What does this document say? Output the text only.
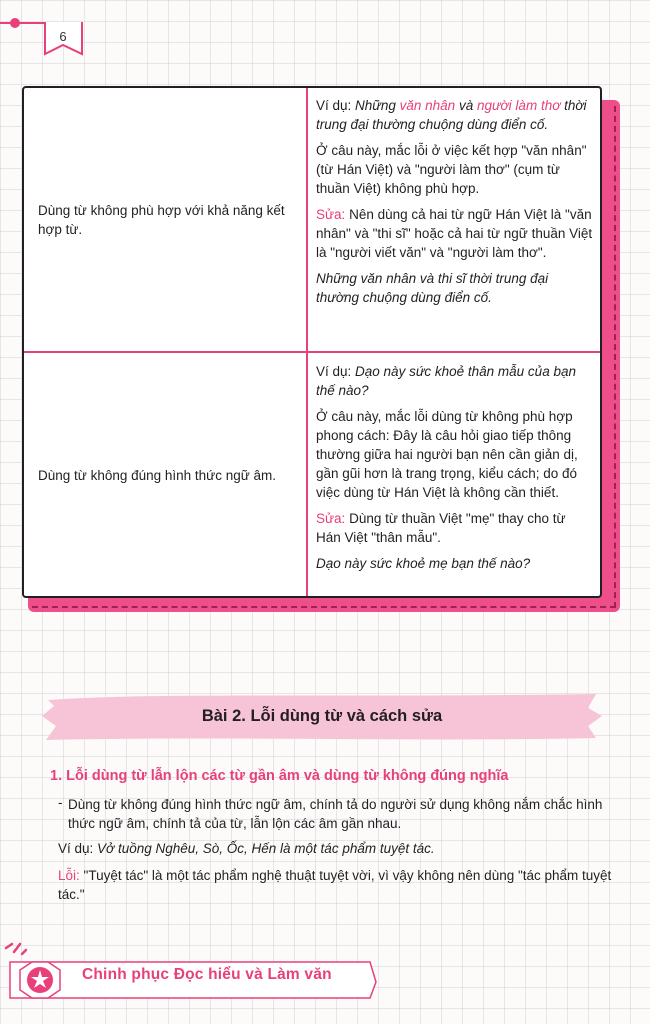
6
Dùng từ không phù hợp với khả năng kết hợp từ.

Ví dụ: Những văn nhân và người làm thơ thời trung đại thường chuộng dùng điển cố.

Ở câu này, mắc lỗi ở việc kết hợp "văn nhân" (từ Hán Việt) và "người làm thơ" (cụm từ thuần Việt) không phù hợp.

Sửa: Nên dùng cả hai từ ngữ Hán Việt là "văn nhân" và "thi sĩ" hoặc cả hai từ ngữ thuần Việt là "người viết văn" và "người làm thơ".

Những văn nhân và thi sĩ thời trung đại thường chuộng dùng điển cố.

Dùng từ không đúng hình thức ngữ âm.

Ví dụ: Dạo này sức khoẻ thân mẫu của bạn thế nào?

Ở câu này, mắc lỗi dùng từ không phù hợp phong cách: Đây là câu hỏi giao tiếp thông thường giữa hai người bạn nên cần giản dị, gần gũi hơn là trang trọng, kiểu cách; do đó việc dùng từ Hán Việt là không cần thiết.

Sửa: Dùng từ thuần Việt "mẹ" thay cho từ Hán Việt "thân mẫu".

Dạo này sức khoẻ mẹ bạn thế nào?

Bài 2. Lỗi dùng từ và cách sửa
1. Lỗi dùng từ lẫn lộn các từ gần âm và dùng từ không đúng nghĩa
- Dùng từ không đúng hình thức ngữ âm, chính tả do người sử dụng không nắm chắc hình thức ngữ âm, chính tả của từ, lẫn lộn các âm gần nhau.
Ví dụ: Vở tuồng Nghêu, Sò, Ốc, Hến là một tác phẩm tuyệt tác.
Lỗi: "Tuyệt tác" là một tác phẩm nghệ thuật tuyệt vời, vì vậy không nên dùng "tác phẩm tuyệt tác."
Chinh phục Đọc hiểu và Làm văn
